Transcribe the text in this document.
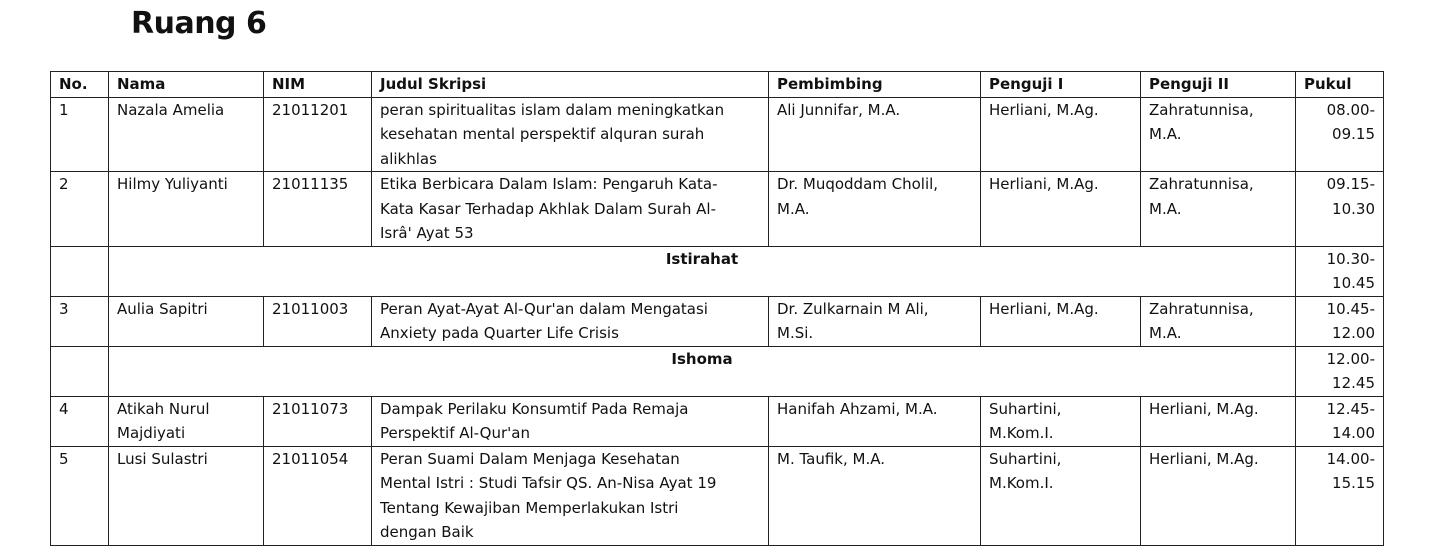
Ruang 6
No.	Nama	NIM	Judul Skripsi	Pembimbing	Penguji I	Penguji II	Pukul
1	Nazala Amelia	21011201	peran spiritualitas islam dalam meningkatkan
kesehatan mental perspektif alquran surah
alikhlas	Ali Junnifar, M.A.	Herliani, M.Ag.	Zahratunnisa,
M.A.	08.00-
09.15

2	Hilmy Yuliyanti	21011135	Etika Berbicara Dalam Islam: Pengaruh Kata-
Kata Kasar Terhadap Akhlak Dalam Surah Al-
Isrâ' Ayat 53	Dr. Muqoddam Cholil,
M.A.	Herliani, M.Ag.	Zahratunnisa,
M.A.	09.15-
10.30

	Istirahat						10.30-
10.45

3	Aulia Sapitri	21011003	Peran Ayat-Ayat Al-Qur'an dalam Mengatasi
Anxiety pada Quarter Life Crisis	Dr. Zulkarnain M Ali,
M.Si.	Herliani, M.Ag.	Zahratunnisa,
M.A.	10.45-
12.00

	Ishoma						12.00-
12.45

4	Atikah Nurul
Majdiyati	21011073	Dampak Perilaku Konsumtif Pada Remaja
Perspektif Al-Qur'an	Hanifah Ahzami, M.A.	Suhartini,
M.Kom.I.	Herliani, M.Ag.	12.45-
14.00

5	Lusi Sulastri	21011054	Peran Suami Dalam Menjaga Kesehatan
Mental Istri : Studi Tafsir QS. An-Nisa Ayat 19
Tentang Kewajiban Memperlakukan Istri
dengan Baik	M. Taufik, M.A.	Suhartini,
M.Kom.I.	Herliani, M.Ag.	14.00-
15.15
